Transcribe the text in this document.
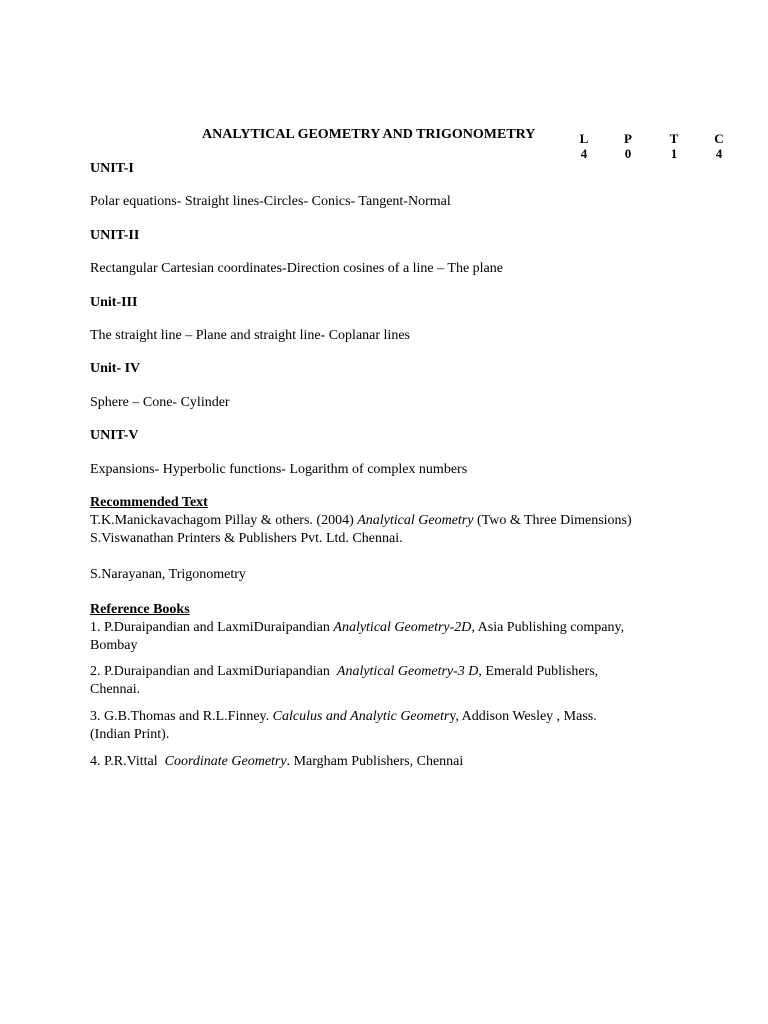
ANALYTICAL GEOMETRY AND TRIGONOMETRY	L
4
P
0
T
1
C
4
UNIT-I
Polar equations- Straight lines-Circles- Conics- Tangent-Normal
UNIT-II
Rectangular Cartesian coordinates-Direction cosines of a line – The plane
Unit-III
The straight line – Plane and straight line- Coplanar lines
Unit- IV
Sphere – Cone- Cylinder
UNIT-V
Expansions- Hyperbolic functions- Logarithm of complex numbers
Recommended Text
T.K.Manickavachagom Pillay & others. (2004) Analytical Geometry (Two & Three Dimensions)
S.Viswanathan Printers & Publishers Pvt. Ltd. Chennai.
S.Narayanan, Trigonometry
Reference Books
1. P.Duraipandian and LaxmiDuraipandian Analytical Geometry-2D, Asia Publishing company,
Bombay
2. P.Duraipandian and LaxmiDuriapandian  Analytical Geometry-3 D, Emerald Publishers,
Chennai.
3. G.B.Thomas and R.L.Finney. Calculus and Analytic Geometry, Addison Wesley , Mass.
(Indian Print).
4. P.R.Vittal  Coordinate Geometry. Margham Publishers, Chennai
